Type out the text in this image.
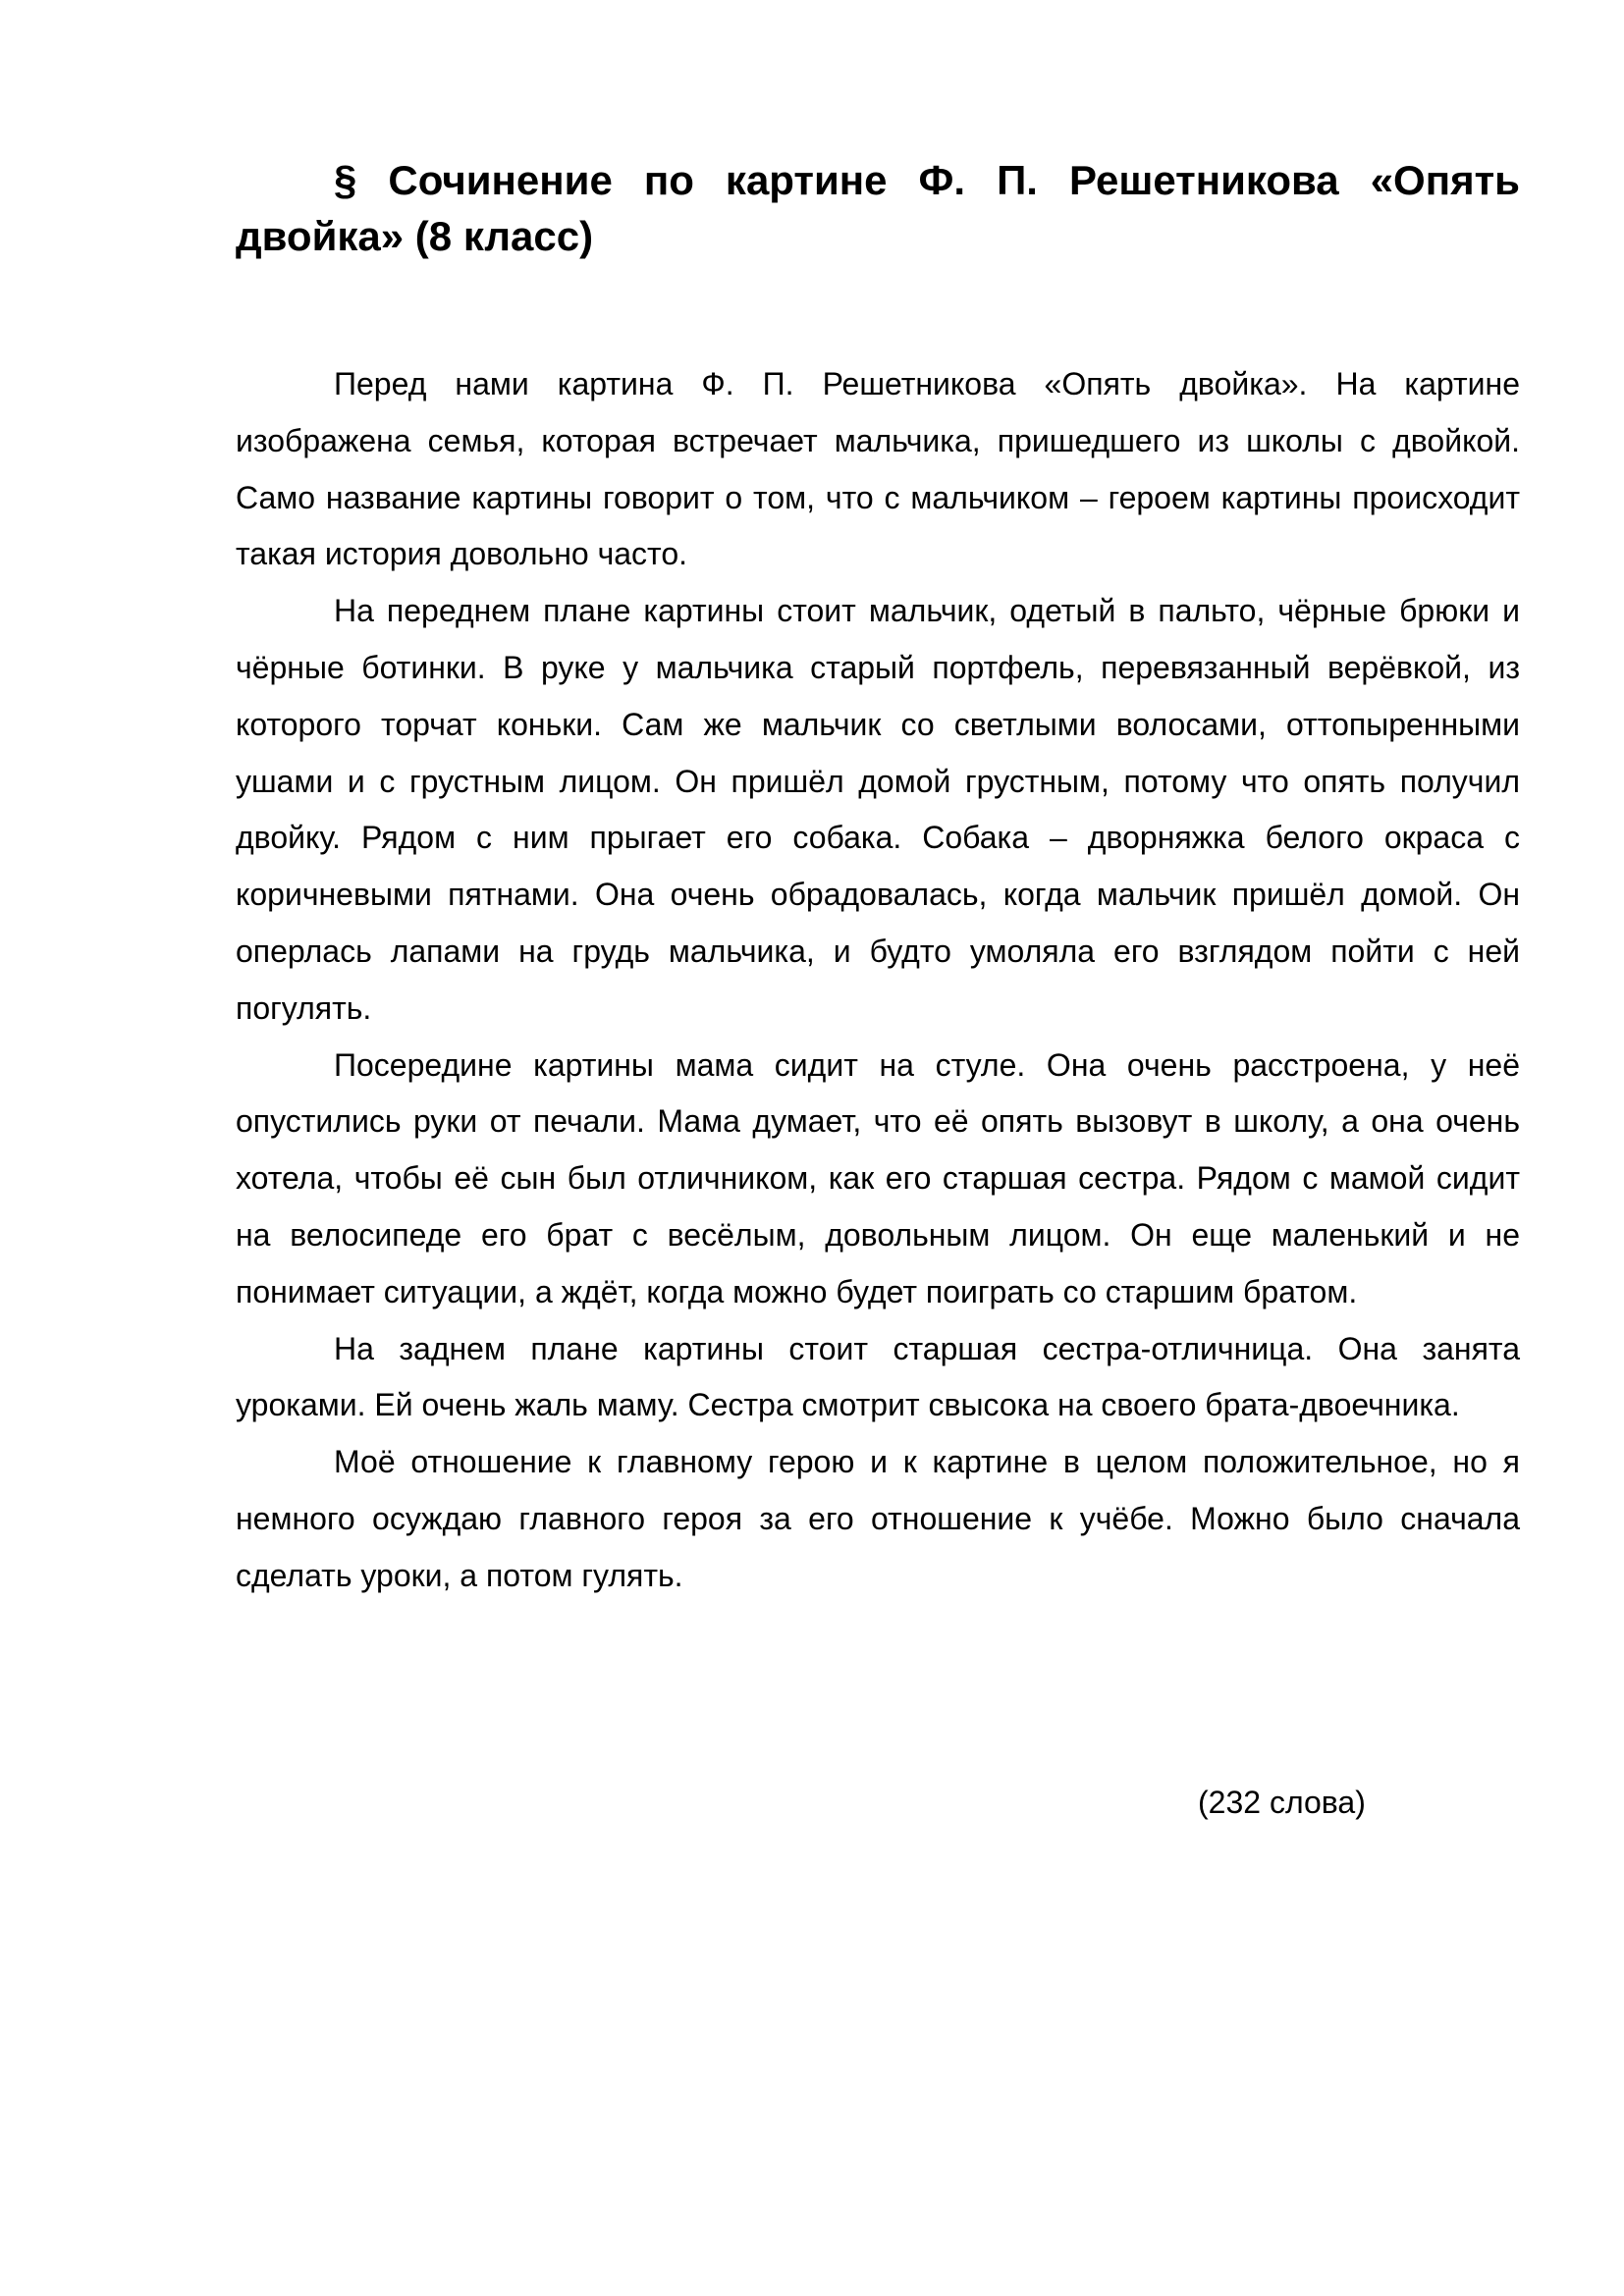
§ Сочинение по картине Ф. П. Решетникова «Опять двойка» (8 класс)

Перед нами картина Ф. П. Решетникова «Опять двойка». На картине изображена семья, которая встречает мальчика, пришедшего из школы с двойкой. Само название картины говорит о том, что с мальчиком – героем картины происходит такая история довольно часто.

На переднем плане картины стоит мальчик, одетый в пальто, чёрные брюки и чёрные ботинки. В руке у мальчика старый портфель, перевязанный верёвкой, из которого торчат коньки. Сам же мальчик со светлыми волосами, оттопыренными ушами и с грустным лицом. Он пришёл домой грустным, потому что опять получил двойку. Рядом с ним прыгает его собака. Собака – дворняжка белого окраса с коричневыми пятнами. Она очень обрадовалась, когда мальчик пришёл домой. Он оперлась лапами на грудь мальчика, и будто умоляла его взглядом пойти с ней погулять.

Посередине картины мама сидит на стуле. Она очень расстроена, у неё опустились руки от печали. Мама думает, что её опять вызовут в школу, а она очень хотела, чтобы её сын был отличником, как его старшая сестра. Рядом с мамой сидит на велосипеде его брат с весёлым, довольным лицом. Он еще маленький и не понимает ситуации, а ждёт, когда можно будет поиграть со старшим братом.

На заднем плане картины стоит старшая сестра-отличница. Она занята уроками. Ей очень жаль маму. Сестра смотрит свысока на своего брата-двоечника.

Моё отношение к главному герою и к картине в целом положительное, но я немного осуждаю главного героя за его отношение к учёбе. Можно было сначала сделать уроки, а потом гулять.

(232 слова)
